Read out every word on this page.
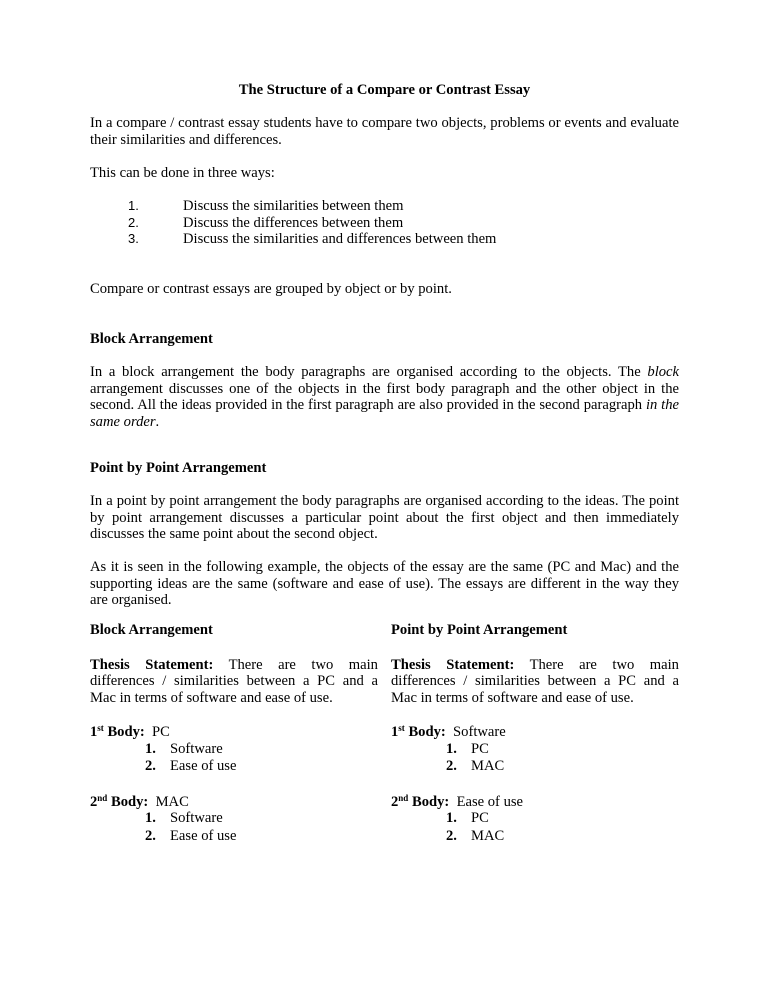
The Structure of a Compare or Contrast Essay

In a compare / contrast essay students have to compare two objects, problems or events and evaluate their similarities and differences.

This can be done in three ways:

1.	Discuss the similarities between them
2.	Discuss the differences between them
3.	Discuss the similarities and differences between them

Compare or contrast essays are grouped by object or by point.

Block Arrangement

In a block arrangement the body paragraphs are organised according to the objects. The block arrangement discusses one of the objects in the first body paragraph and the other object in the second. All the ideas provided in the first paragraph are also provided in the second paragraph in the same order.

Point by Point Arrangement

In a point by point arrangement the body paragraphs are organised according to the ideas. The point by point arrangement discusses a particular point about the first object and then immediately discusses the same point about the second object.

As it is seen in the following example, the objects of the essay are the same (PC and Mac) and the supporting ideas are the same (software and ease of use). The essays are different in the way they are organised.

Block Arrangement

Thesis Statement: There are two main differences / similarities between a PC and a Mac in terms of software and ease of use.

1st Body: PC
1. Software
2. Ease of use
2nd Body: MAC
1. Software
2. Ease of use
Point by Point Arrangement

Thesis Statement: There are two main differences / similarities between a PC and a Mac in terms of software and ease of use.

1st Body: Software
1. PC
2. MAC
2nd Body: Ease of use
1. PC
2. MAC
